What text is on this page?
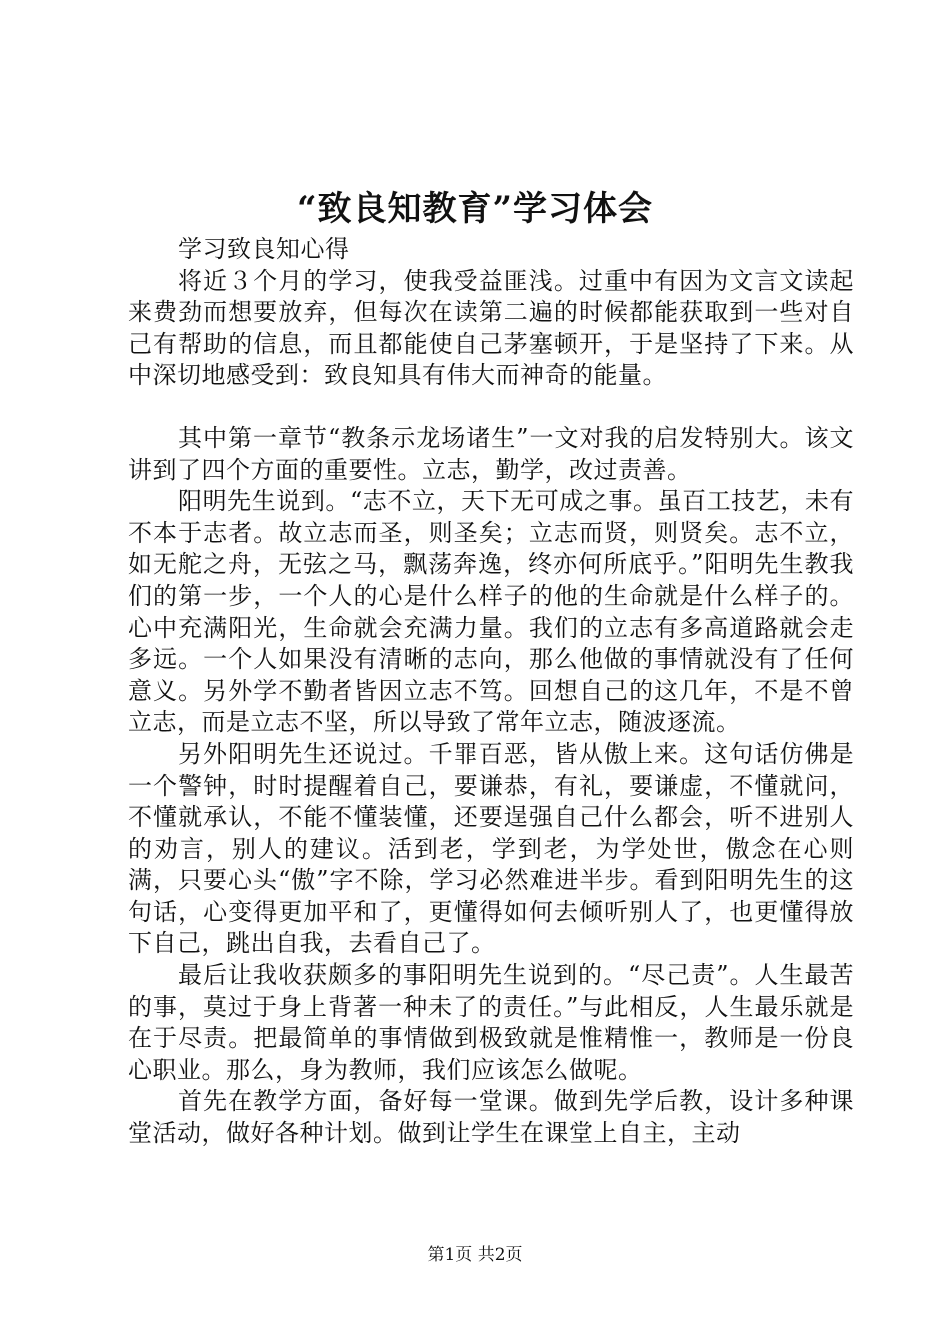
“致良知教育”学习体会

学习致良知心得

将近３个月的学习，使我受益匪浅。过重中有因为文言文读起来费劲而想要放弃，但每次在读第二遍的时候都能获取到一些对自己有帮助的信息，而且都能使自己茅塞顿开，于是坚持了下来。从中深切地感受到：致良知具有伟大而神奇的能量。

其中第一章节“教条示龙场诸生”一文对我的启发特别大。该文讲到了四个方面的重要性。立志，勤学，改过责善。

阳明先生说到。“志不立，天下无可成之事。虽百工技艺，未有不本于志者。故立志而圣，则圣矣；立志而贤，则贤矣。志不立，如无舵之舟，无弦之马，飘荡奔逸，终亦何所底乎。”阳明先生教我们的第一步，一个人的心是什么样子的他的生命就是什么样子的。心中充满阳光，生命就会充满力量。我们的立志有多高道路就会走多远。一个人如果没有清晰的志向，那么他做的事情就没有了任何意义。另外学不勤者皆因立志不笃。回想自己的这几年，不是不曾立志，而是立志不坚，所以导致了常年立志，随波逐流。

另外阳明先生还说过。千罪百恶，皆从傲上来。这句话仿佛是一个警钟，时时提醒着自己，要谦恭，有礼，要谦虚，不懂就问，不懂就承认，不能不懂装懂，还要逞强自己什么都会，听不进别人的劝言，别人的建议。活到老，学到老，为学处世，傲念在心则满，只要心头“傲”字不除，学习必然难进半步。看到阳明先生的这句话，心变得更加平和了，更懂得如何去倾听别人了，也更懂得放下自己，跳出自我，去看自己了。

最后让我收获颇多的事阳明先生说到的。“尽己责”。人生最苦的事，莫过于身上背著一种未了的责任。”与此相反，人生最乐就是在于尽责。把最简单的事情做到极致就是惟精惟一，教师是一份良心职业。那么，身为教师，我们应该怎么做呢。

首先在教学方面，备好每一堂课。做到先学后教，设计多种课堂活动，做好各种计划。做到让学生在课堂上自主，主动

第1页 共2页
